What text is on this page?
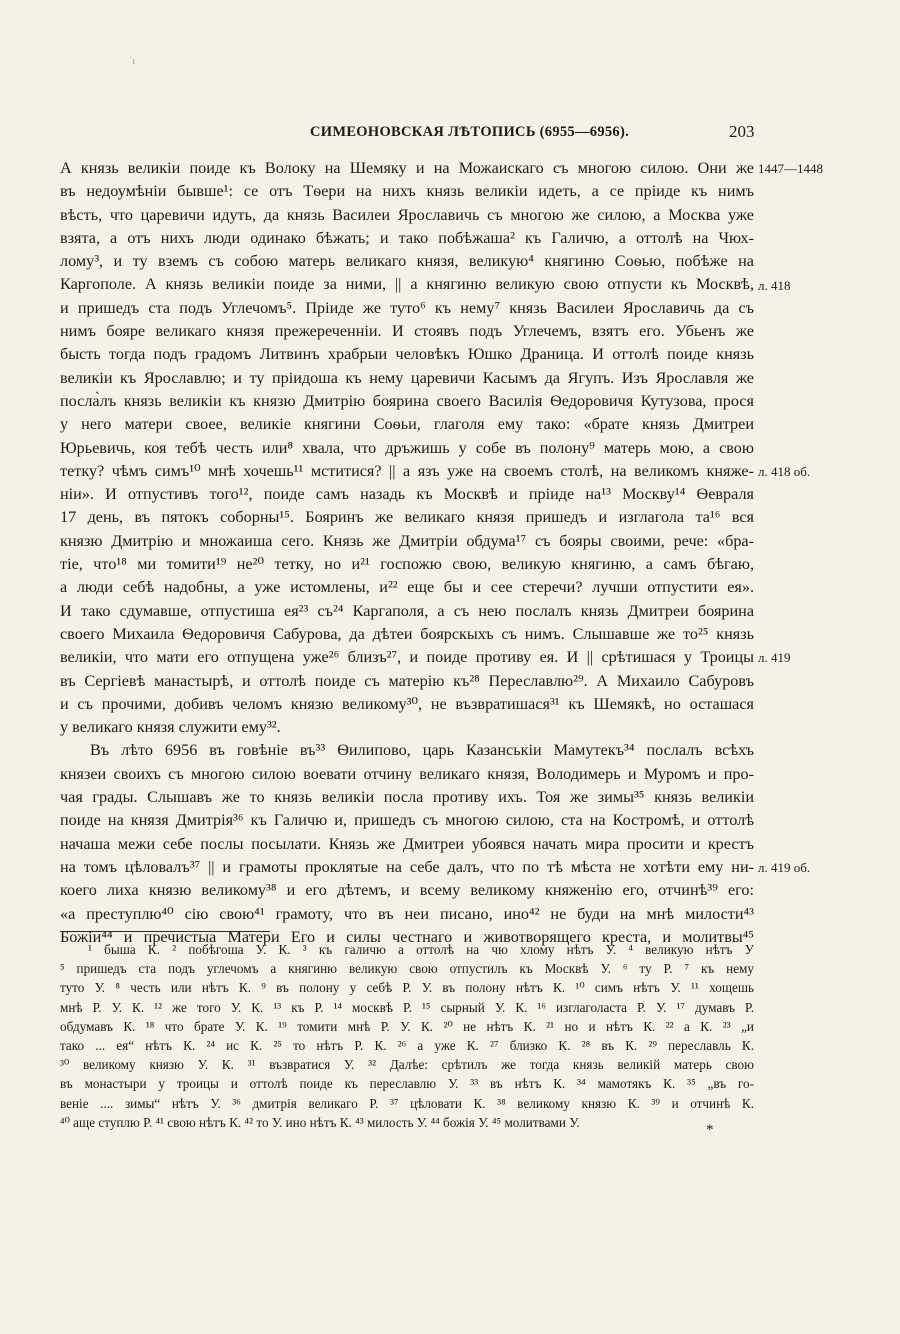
˙ı
СИМЕОНОВСКАЯ ЛѢТОПИСЬ (6955—6956).	203
А князь великiи поиде къ Волоку на Шемяку и на Можаискаго съ многою силою. Они же
въ недоумѣнiи бывше¹: се отъ Тѳери на нихъ князь великiи идеть, а се прiиде къ нимъ
вѣсть, что царевичи идуть, да князь Василеи Ярославичь съ многою же силою, а Москва уже
взята, а отъ нихъ люди одинако бѣжать; и тако побѣжаша² къ Галичю, а оттолѣ на Чюх-
лому³, и ту вземъ съ собою матерь великаго князя, великую⁴ княгиню Соѳью, побѣже на
Каргополе. А князь великiи поиде за ними, || а княгиню великую свою отпусти къ Москвѣ,
и пришедъ ста подъ Углечомъ⁵. Прiиде же туто⁶ къ нему⁷ князь Василеи Ярославичь да съ
нимъ бояре великаго князя прежереченнiи. И стоявъ подъ Углечемъ, взятъ его. Убьенъ же
бысть тогда подъ градомъ Литвинъ храбрыи человѣкъ Юшко Драница. И оттолѣ поиде князь
великiи къ Ярославлю; и ту прiидоша къ нему царевичи Касымъ да Ягупъ. Изъ Ярославля же
посла̀лъ князь великiи къ князю Дмитрiю боярина своего Василiя Ѳедоровичя Кутузова, прося
у него матери своее, великiе княгини Соѳьи, глаголя ему тако: «брате князь Дмитреи
Юрьевичь, коя тебѣ честь или⁸ хвала, что дръжишь у собе въ полону⁹ матерь мою, а свою
тетку? чѣмъ симъ¹⁰ мнѣ хочешь¹¹ мститися? || а язъ уже на своемъ столѣ, на великомъ княже-
нiи». И отпустивъ того¹², поиде самъ назадь къ Москвѣ и прiиде на¹³ Москву¹⁴ Ѳевраля
17 день, въ пятокъ соборны¹⁵. Бояринъ же великаго князя пришедъ и изглагола та¹⁶ вся
князю Дмитрiю и множаиша сего. Князь же Дмитрiи обдума¹⁷ съ бояры своими, рече: «бра-
тiе, что¹⁸ ми томити¹⁹ не²⁰ тетку, но и²¹ госпожю свою, великую княгиню, а самъ бѣгаю,
а люди себѣ надобны, а уже истомлены, и²² еще бы и сее стеречи? лучши отпустити ея».
И тако сдумавше, отпустиша ея²³ съ²⁴ Каргаполя, а съ нею послалъ князь Дмитреи боярина
своего Михаила Ѳедоровичя Сабурова, да дѣтеи боярскыхъ съ нимъ. Слышавше же то²⁵ князь
великiи, что мати его отпущена уже²⁶ близъ²⁷, и поиде противу ея. И || срѣтишася у Троицы
въ Сергiевѣ манастырѣ, и оттолѣ поиде съ матерiю къ²⁸ Переславлю²⁹. А Михаило Сабуровъ
и съ прочими, добивъ челомъ князю великому³⁰, не възвратишася³¹ къ Шемякѣ, но осташася
у великаго князя служити ему³².
Въ лѣто 6956 въ говѣнiе въ³³ Ѳилипово, царь Казанськiи Мамутекъ³⁴ послалъ всѣхъ
князеи своихъ съ многою силою воевати отчину великаго князя, Володимерь и Муромъ и про-
чая грады. Слышавъ же то князь великiи посла противу ихъ. Тоя же зимы³⁵ князь великiи
поиде на князя Дмитрiя³⁶ къ Галичю и, пришедъ съ многою силою, ста на Костромѣ, и оттолѣ
начаша межи себе послы посылати. Князь же Дмитреи убоявся начать мира просити и крестъ
на томъ цѣловалъ³⁷ || и грамоты проклятые на себе далъ, что по тѣ мѣста не хотѣти ему ни-
коего лиха князю великому³⁸ и его дѣтемъ, и всему великому княженiю его, отчинѣ³⁹ его:
«а преступлю⁴⁰ сiю свою⁴¹ грамоту, что въ неи писано, ино⁴² не буди на мнѣ милости⁴³
Божiи⁴⁴ и пречистыа Матери Его и силы честнаго и животворящего креста, и молитвы⁴⁵
1447—1448
л. 418
л. 418 об.
л. 419
л. 419 об.
¹ быша К. ² побѣгоша У. К. ³ къ галичю а оттолѣ на чю хлому нѣтъ У. ⁴ великую нѣтъ У
⁵ пришедъ ста подъ углечомъ а княгиню великую свою отпустилъ къ Москвѣ У. ⁶ ту Р. ⁷ къ нему
туто У. ⁸ честь или нѣтъ К. ⁹ въ полону у себѣ Р. У. въ полону нѣтъ К. ¹⁰ симъ нѣтъ У. ¹¹ хощешь
мнѣ Р. У. К. ¹² же того У. К. ¹³ къ Р. ¹⁴ москвѣ Р. ¹⁵ сырный У. К. ¹⁶ изглаголаста Р. У. ¹⁷ думавъ Р.
обдумавъ К. ¹⁸ что брате У. К. ¹⁹ томити мнѣ Р. У. К. ²⁰ не нѣтъ К. ²¹ но и нѣтъ К. ²² а К. ²³ „и
тако ... ея“ нѣтъ К. ²⁴ ис К. ²⁵ то нѣтъ Р. К. ²⁶ а уже К. ²⁷ близко К. ²⁸ въ К. ²⁹ переславль К.
³⁰ великому князю У. К. ³¹ възвратися У. ³² Далѣе: срѣтилъ же тогда князь великiй матерь свою
въ монастыри у троицы и оттолѣ поиде къ переславлю У. ³³ въ нѣтъ К. ³⁴ мамотякъ К. ³⁵ „въ го-
венiе .... зимы“ нѣтъ У. ³⁶ дмитрiя великаго Р. ³⁷ цѣловати К. ³⁸ великому князю К. ³⁹ и отчинѣ К.
⁴⁰ аще ступлю Р. ⁴¹ свою нѣтъ К. ⁴² то У. ино нѣтъ К. ⁴³ милость У. ⁴⁴ божiя У. ⁴⁵ молитвами У.	*
